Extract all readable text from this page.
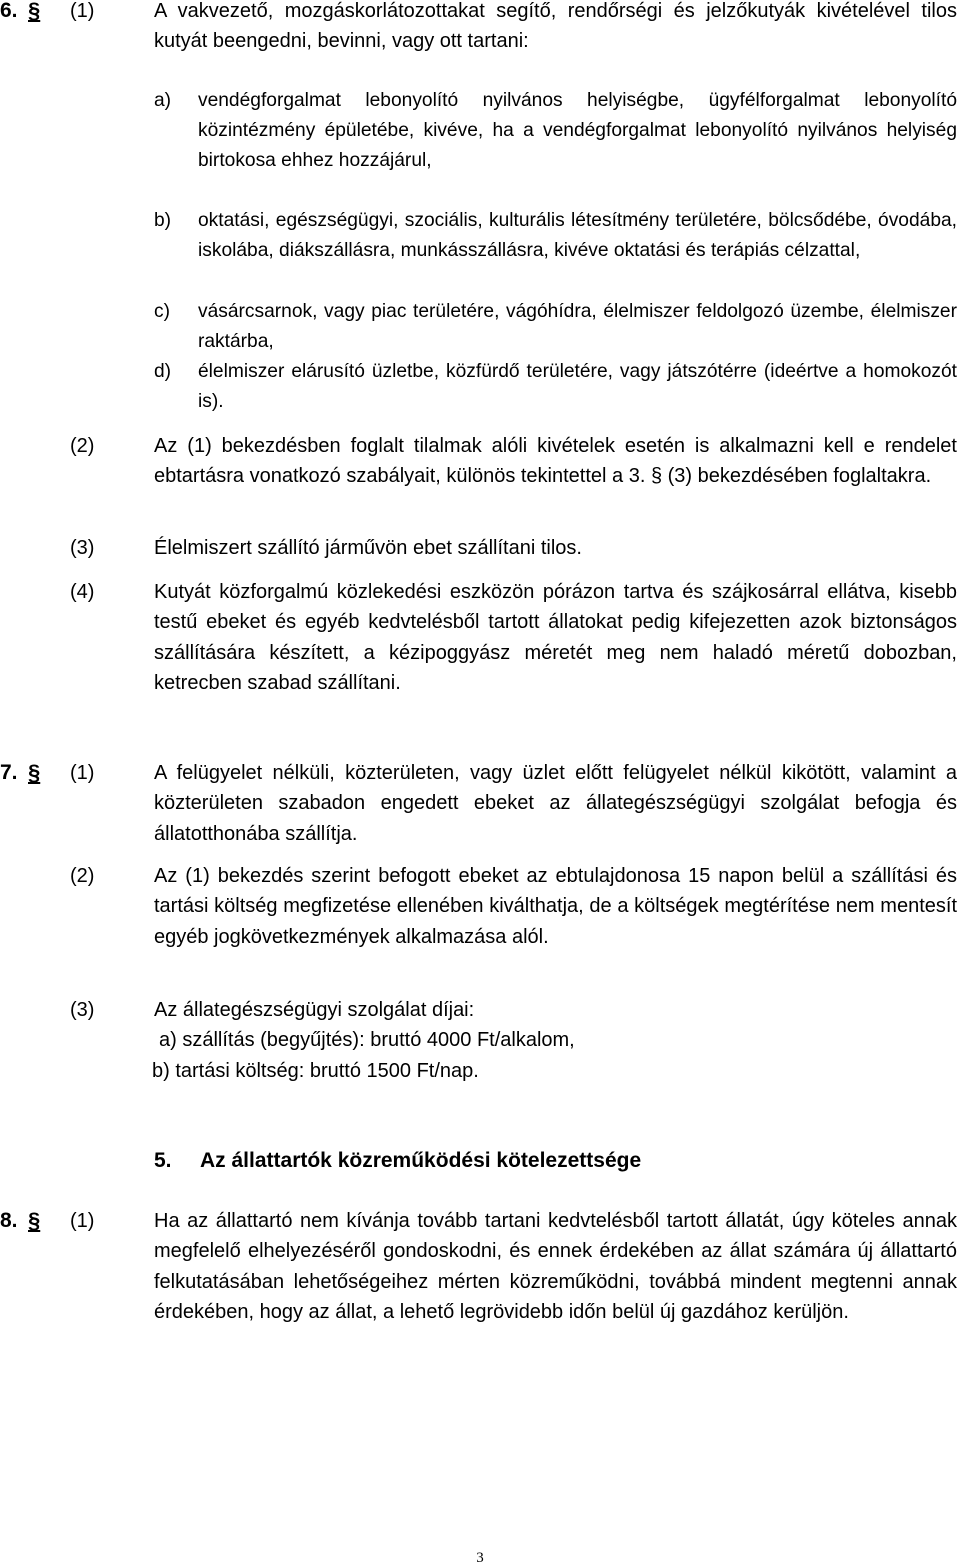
6. § (1)	A vakvezető, mozgáskorlátozottakat segítő, rendőrségi és jelzőkutyák kivételével tilos kutyát beengedni, bevinni, vagy ott tartani:
a) vendégforgalmat lebonyolító nyilvános helyiségbe, ügyfélforgalmat lebonyolító közintézmény épületébe, kivéve, ha a vendégforgalmat lebonyolító nyilvános helyiség birtokosa ehhez hozzájárul,
b) oktatási, egészségügyi, szociális, kulturális létesítmény területére, bölcsődébe, óvodába, iskolába, diákszállásra, munkásszállásra, kivéve oktatási és terápiás célzattal,
c) vásárcsarnok, vagy piac területére, vágóhídra, élelmiszer feldolgozó üzembe, élelmiszer raktárba,
d) élelmiszer elárusító üzletbe, közfürdő területére, vagy játszótérre (ideértve a homokozót is).
(2)	Az (1) bekezdésben foglalt tilalmak alóli kivételek esetén is alkalmazni kell e rendelet ebtartásra vonatkozó szabályait, különös tekintettel a 3. § (3) bekezdésében foglaltakra.
(3)	Élelmiszert szállító járművön ebet szállítani tilos.
(4)	Kutyát közforgalmú közlekedési eszközön pórázon tartva és szájkosárral ellátva, kisebb testű ebeket és egyéb kedvtelésből tartott állatokat pedig kifejezetten azok biztonságos szállítására készített, a kézipoggyász méretét meg nem haladó méretű dobozban, ketrecben szabad szállítani.
7. § (1)	A felügyelet nélküli, közterületen, vagy üzlet előtt felügyelet nélkül kikötött, valamint a közterületen szabadon engedett ebeket az állategészségügyi szolgálat befogja és állatotthonába szállítja.
(2)	Az (1) bekezdés szerint befogott ebeket az ebtulajdonosa 15 napon belül a szállítási és tartási költség megfizetése ellenében kiválthatja, de a költségek megtérítése nem mentesít egyéb jogkövetkezmények alkalmazása alól.
(3)	Az állategészségügyi szolgálat díjai:
a) szállítás (begyűjtés): bruttó 4000 Ft/alkalom,
b) tartási költség: bruttó 1500 Ft/nap.
5. Az állattartók közreműködési kötelezettsége
8. § (1)	Ha az állattartó nem kívánja tovább tartani kedvtelésből tartott állatát, úgy köteles annak megfelelő elhelyezéséről gondoskodni, és ennek érdekében az állat számára új állattartó felkutatásában lehetőségeihez mérten közreműködni, továbbá mindent megtenni annak érdekében, hogy az állat, a lehető legrövidebb időn belül új gazdához kerüljön.
3
